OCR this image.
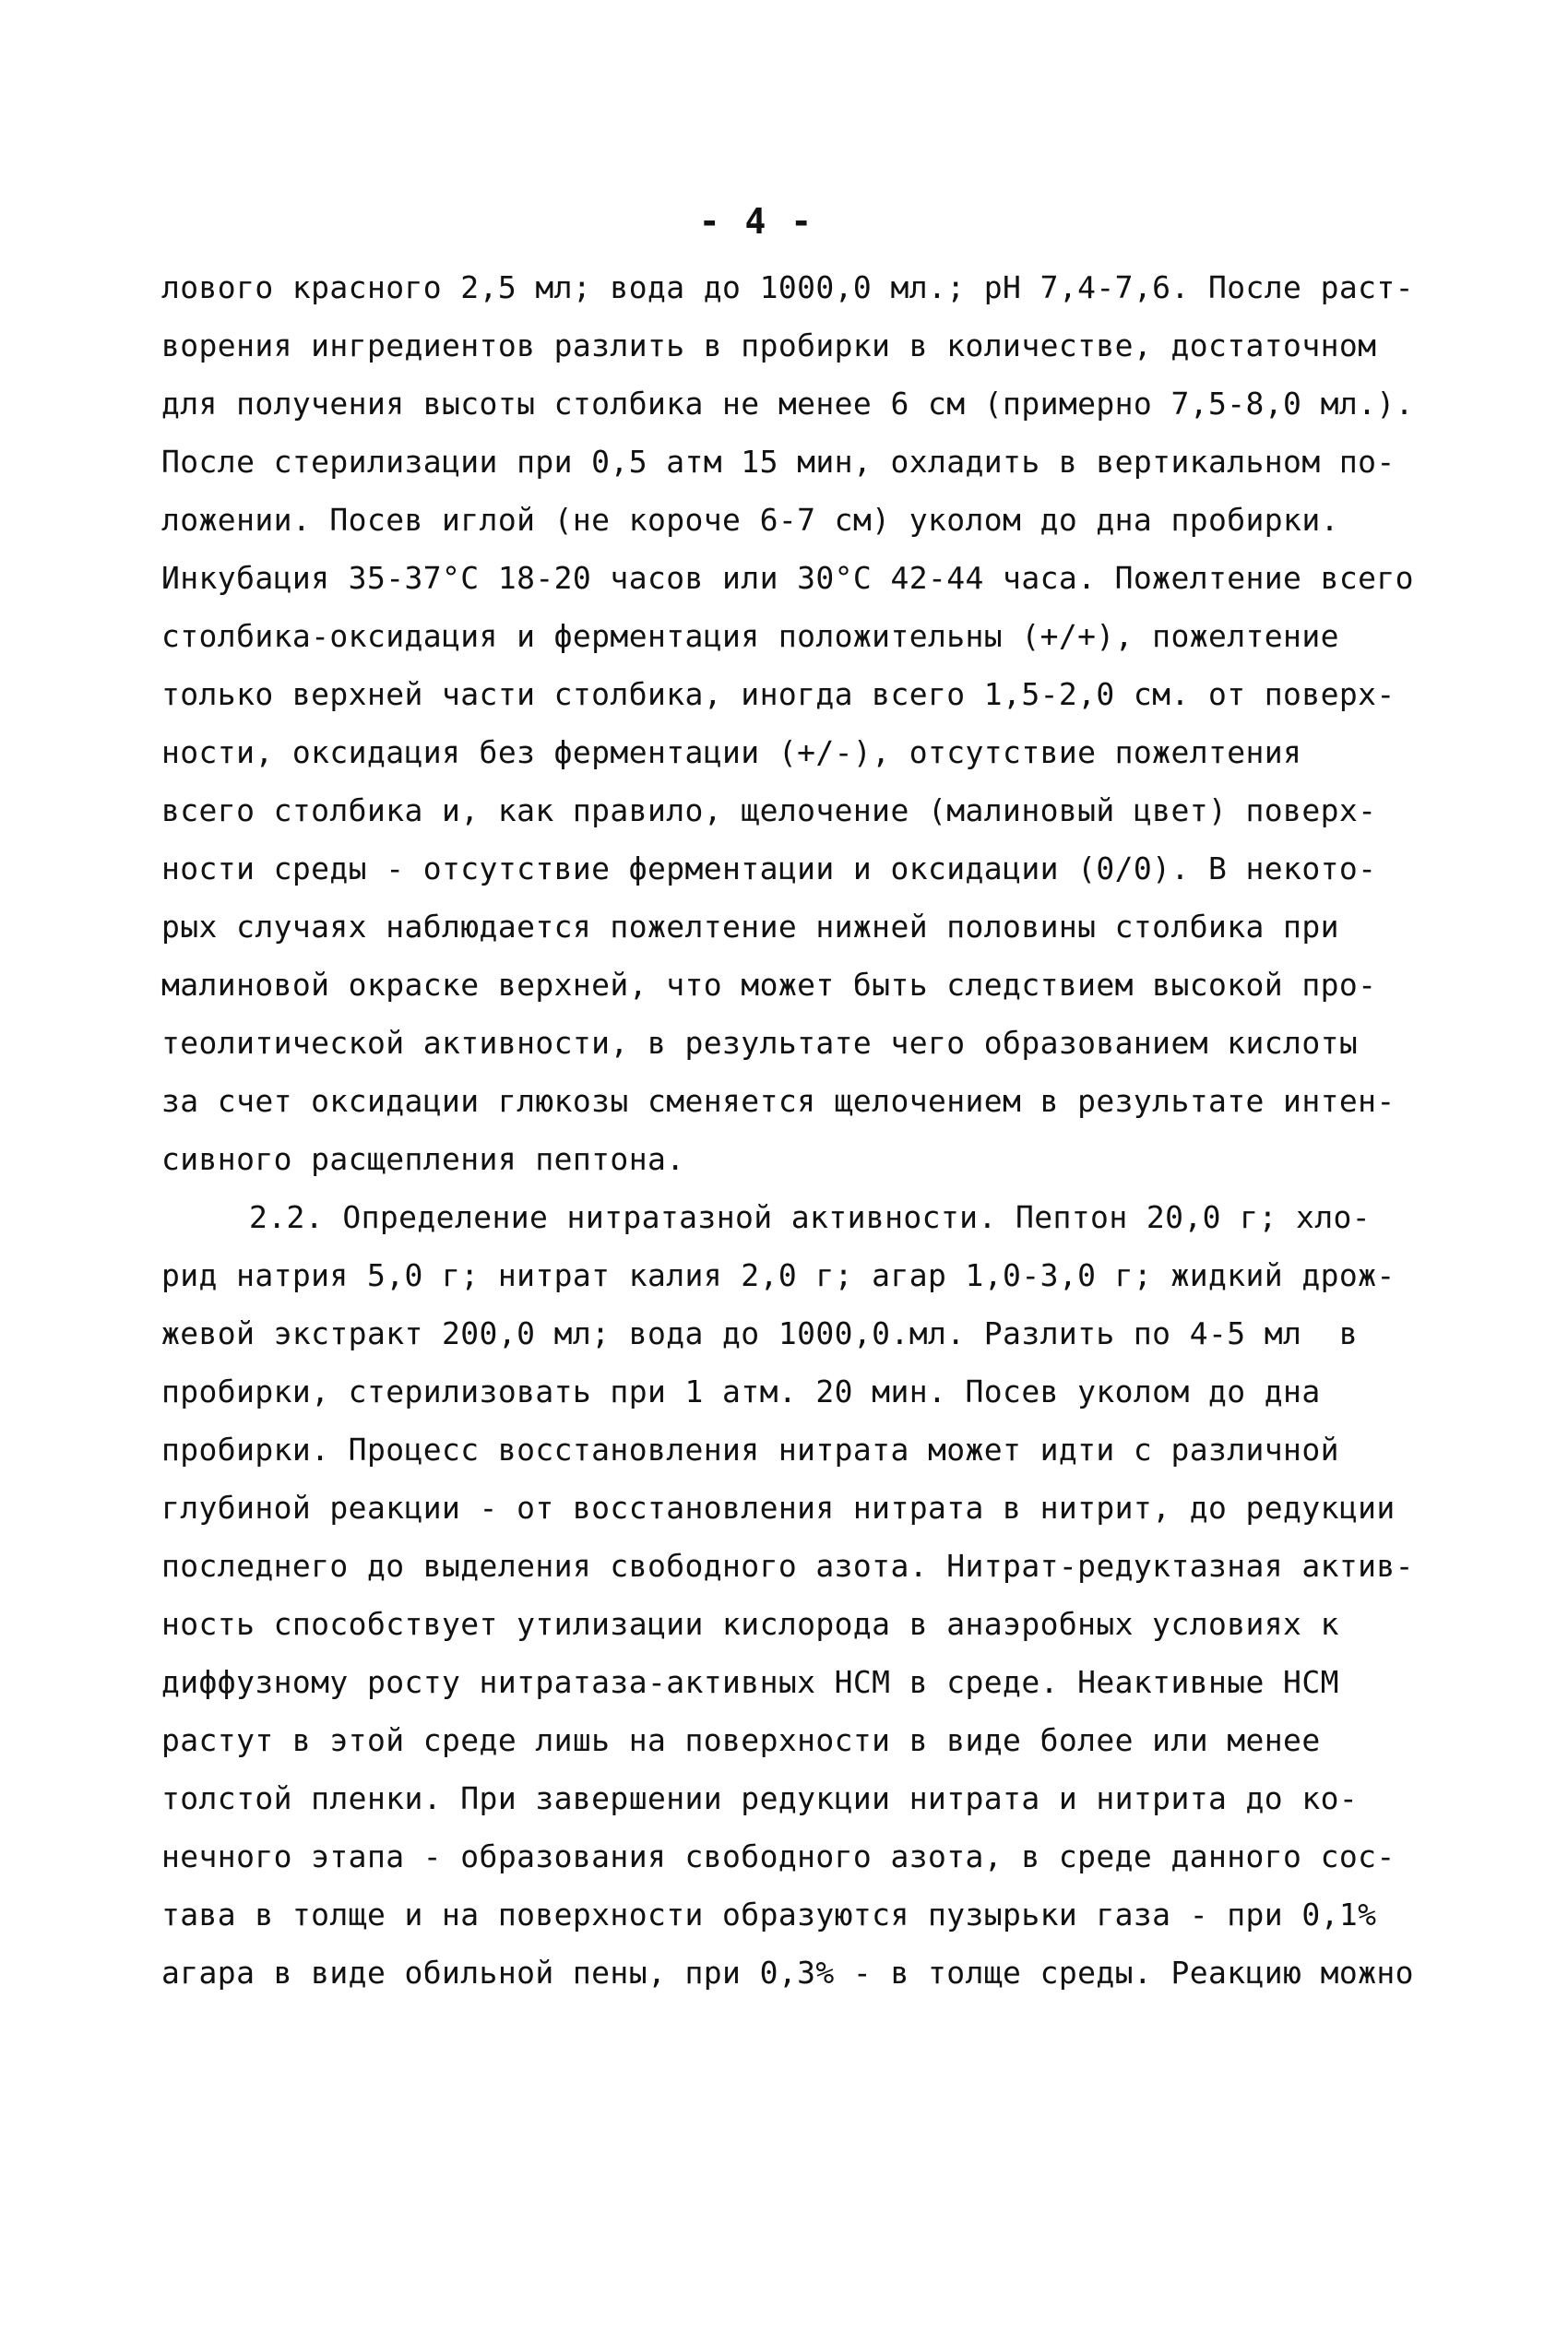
- 4 -
лового красного 2,5 мл; вода до 1000,0 мл.; рН 7,4-7,6. После раст-
ворения ингредиентов разлить в пробирки в количестве, достаточном
для получения высоты столбика не менее 6 см (примерно 7,5-8,0 мл.).
После стерилизации при 0,5 атм 15 мин, охладить в вертикальном по-
ложении. Посев иглой (не короче 6-7 см) уколом до дна пробирки.
Инкубация 35-37°С 18-20 часов или 30°С 42-44 часа. Пожелтение всего
столбика-оксидация и ферментация положительны (+/+), пожелтение
только верхней части столбика, иногда всего 1,5-2,0 см. от поверх-
ности, оксидация без ферментации (+/-), отсутствие пожелтения
всего столбика и, как правило, щелочение (малиновый цвет) поверх-
ности среды - отсутствие ферментации и оксидации (0/0). В некото-
рых случаях наблюдается пожелтение нижней половины столбика при
малиновой окраске верхней, что может быть следствием высокой про-
теолитической активности, в результате чего образованием кислоты
за счет оксидации глюкозы сменяется щелочением в результате интен-
сивного расщепления пептона.
2.2. Определение нитратазной активности. Пептон 20,0 г; хло-
рид натрия 5,0 г; нитрат калия 2,0 г; агар 1,0-3,0 г; жидкий дрож-
жевой экстракт 200,0 мл; вода до 1000,0.мл. Разлить по 4-5 мл  в
пробирки, стерилизовать при 1 атм. 20 мин. Посев уколом до дна
пробирки. Процесс восстановления нитрата может идти с различной
глубиной реакции - от восстановления нитрата в нитрит, до редукции
последнего до выделения свободного азота. Нитрат-редуктазная актив-
ность способствует утилизации кислорода в анаэробных условиях к
диффузному росту нитратаза-активных НСМ в среде. Неактивные НСМ
растут в этой среде лишь на поверхности в виде более или менее
толстой пленки. При завершении редукции нитрата и нитрита до ко-
нечного этапа - образования свободного азота, в среде данного сос-
тава в толще и на поверхности образуются пузырьки газа - при 0,1%
агара в виде обильной пены, при 0,3% - в толще среды. Реакцию можно
